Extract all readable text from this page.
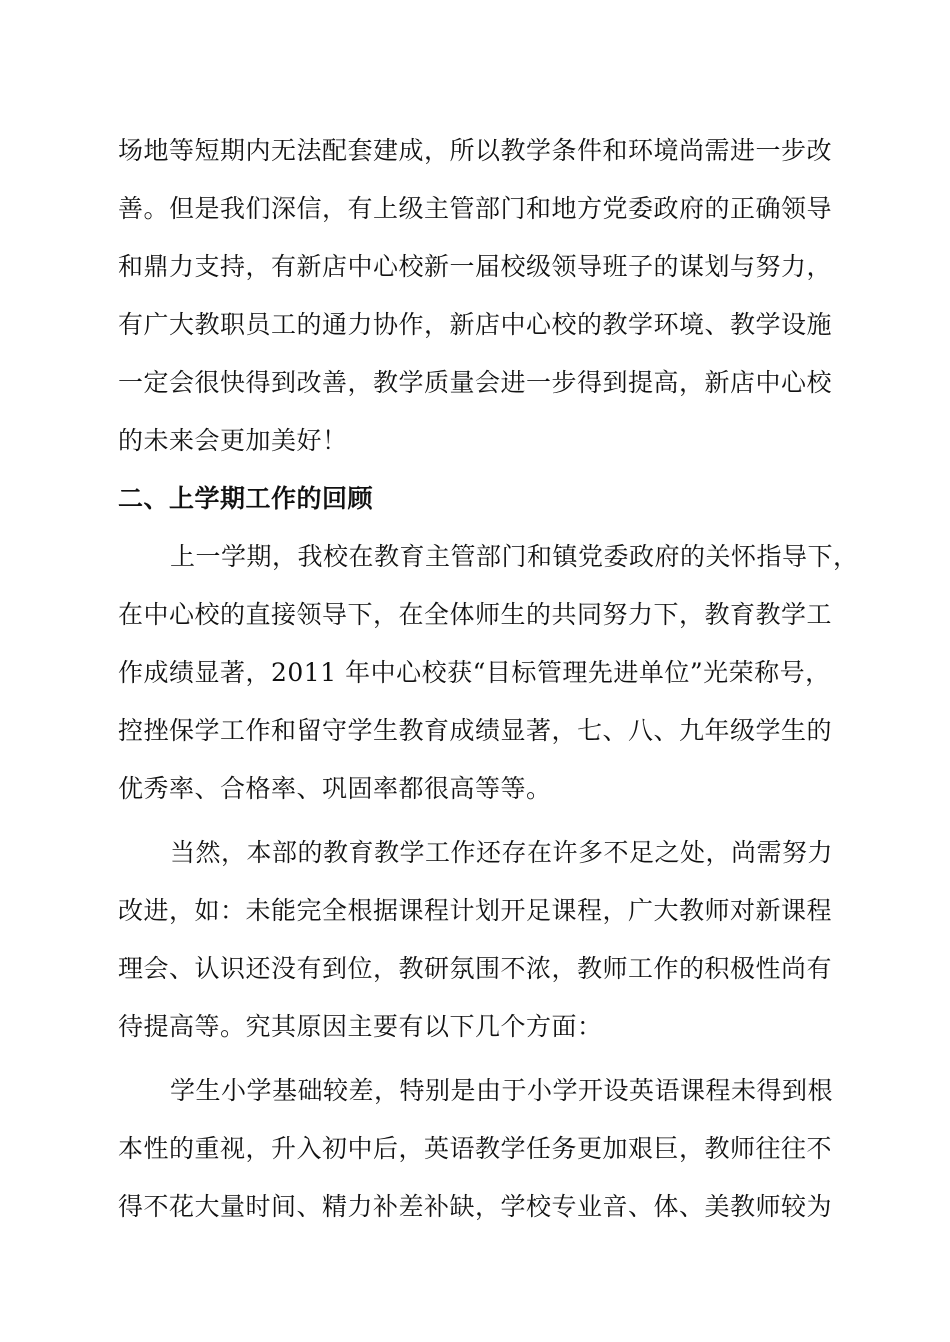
场地等短期内无法配套建成，所以教学条件和环境尚需进一步改
善。但是我们深信，有上级主管部门和地方党委政府的正确领导
和鼎力支持，有新店中心校新一届校级领导班子的谋划与努力，
有广大教职员工的通力协作，新店中心校的教学环境、教学设施
一定会很快得到改善，教学质量会进一步得到提高，新店中心校
的未来会更加美好！
二、上学期工作的回顾
上一学期，我校在教育主管部门和镇党委政府的关怀指导下，
在中心校的直接领导下，在全体师生的共同努力下，教育教学工
作成绩显著，2011 年中心校获“目标管理先进单位”光荣称号，
控挫保学工作和留守学生教育成绩显著，七、八、九年级学生的
优秀率、合格率、巩固率都很高等等。
当然，本部的教育教学工作还存在许多不足之处，尚需努力
改进，如：未能完全根据课程计划开足课程，广大教师对新课程
理会、认识还没有到位，教研氛围不浓，教师工作的积极性尚有
待提高等。究其原因主要有以下几个方面：
学生小学基础较差，特别是由于小学开设英语课程未得到根
本性的重视，升入初中后，英语教学任务更加艰巨，教师往往不
得不花大量时间、精力补差补缺，学校专业音、体、美教师较为
